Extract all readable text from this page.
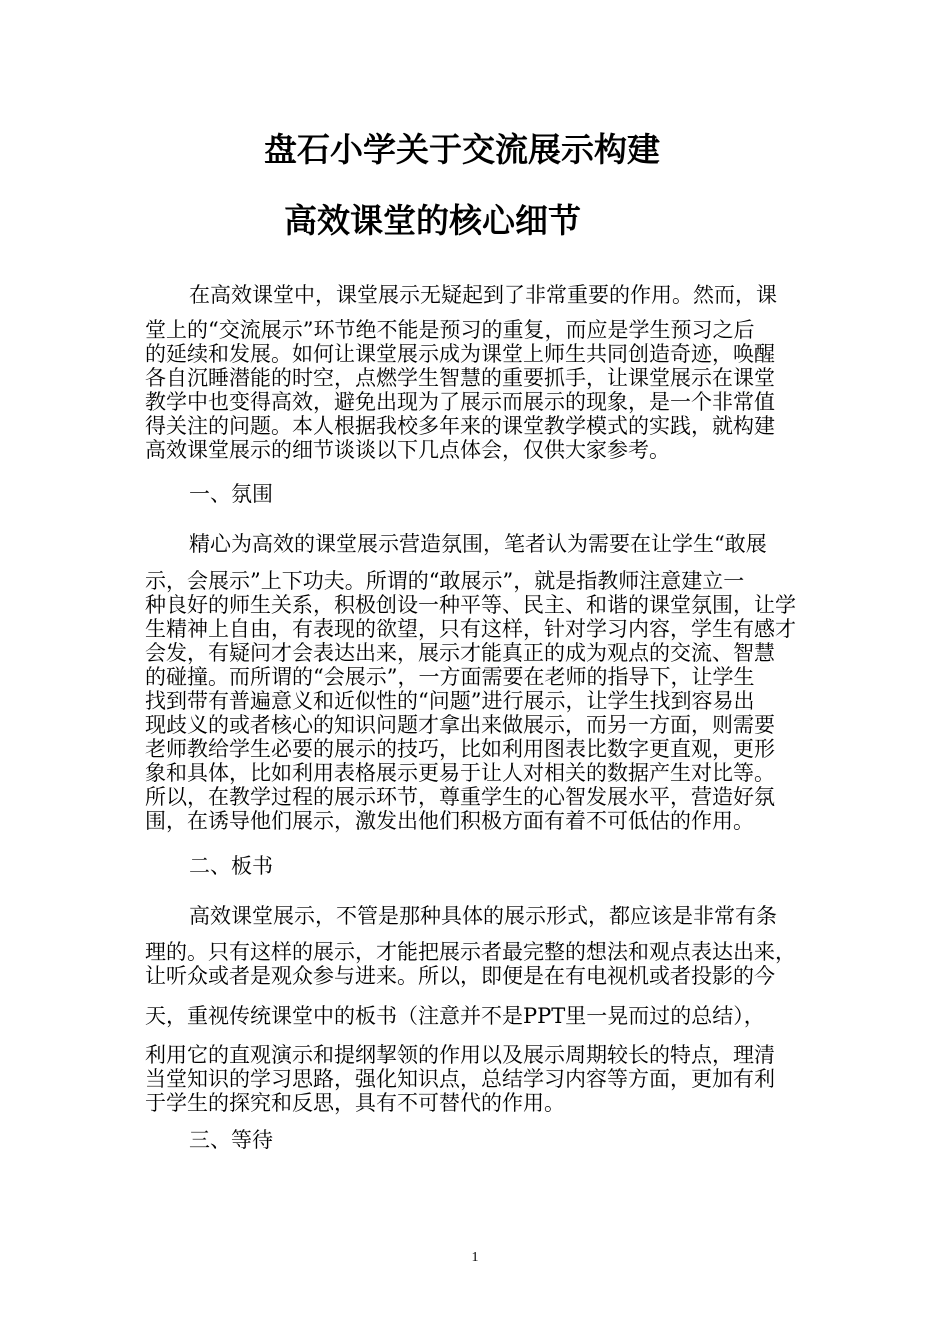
盘石小学关于交流展示构建
高效课堂的核心细节

在高效课堂中，课堂展示无疑起到了非常重要的作用。然而，课

堂上的“交流展示”环节绝不能是预习的重复，而应是学生预习之后
的延续和发展。如何让课堂展示成为课堂上师生共同创造奇迹，唤醒
各自沉睡潜能的时空，点燃学生智慧的重要抓手，让课堂展示在课堂
教学中也变得高效，避免出现为了展示而展示的现象，是一个非常值
得关注的问题。本人根据我校多年来的课堂教学模式的实践，就构建
高效课堂展示的细节谈谈以下几点体会，仅供大家参考。

一、氛围

精心为高效的课堂展示营造氛围，笔者认为需要在让学生“敢展

示，会展示”上下功夫。所谓的“敢展示”，就是指教师注意建立一
种良好的师生关系，积极创设一种平等、民主、和谐的课堂氛围，让学
生精神上自由，有表现的欲望，只有这样，针对学习内容，学生有感才
会发，有疑问才会表达出来，展示才能真正的成为观点的交流、智慧
的碰撞。而所谓的“会展示”，一方面需要在老师的指导下，让学生
找到带有普遍意义和近似性的“问题”进行展示，让学生找到容易出
现歧义的或者核心的知识问题才拿出来做展示，而另一方面，则需要
老师教给学生必要的展示的技巧，比如利用图表比数字更直观，更形
象和具体，比如利用表格展示更易于让人对相关的数据产生对比等。
所以，在教学过程的展示环节，尊重学生的心智发展水平，营造好氛
围，在诱导他们展示，激发出他们积极方面有着不可低估的作用。

二、板书

高效课堂展示，不管是那种具体的展示形式，都应该是非常有条

理的。只有这样的展示，才能把展示者最完整的想法和观点表达出来，
让听众或者是观众参与进来。所以，即便是在有电视机或者投影的今

天，重视传统课堂中的板书（注意并不是PPT里一晃而过的总结），

利用它的直观演示和提纲挈领的作用以及展示周期较长的特点，理清
当堂知识的学习思路，强化知识点，总结学习内容等方面，更加有利
于学生的探究和反思，具有不可替代的作用。

三、等待

1
